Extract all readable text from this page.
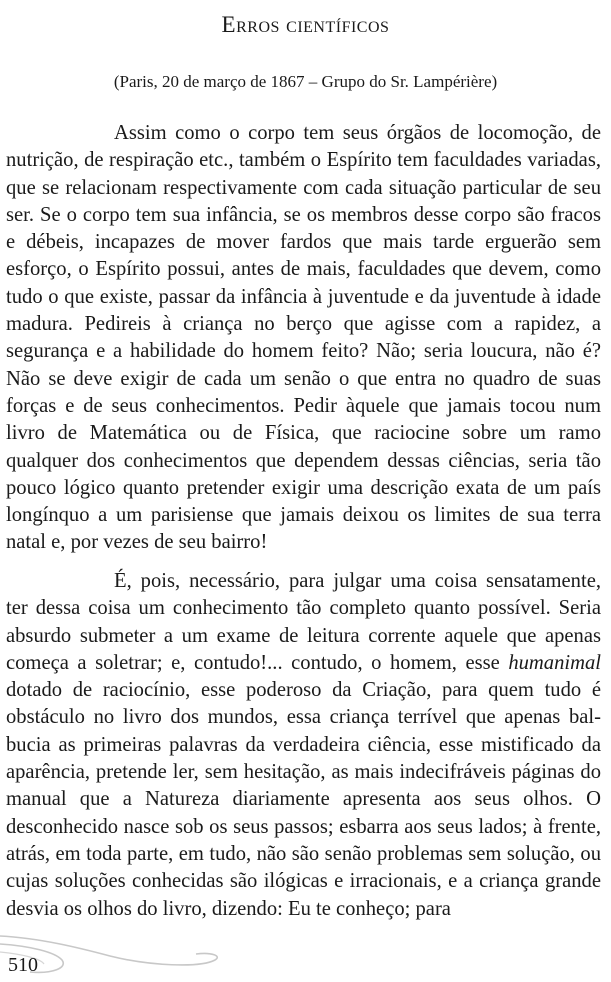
Erros científicos

(Paris, 20 de março de 1867 – Grupo do Sr. Lampérière)

Assim como o corpo tem seus órgãos de locomoção, de nutrição, de respiração etc., também o Espírito tem faculdades variadas, que se relacionam respectivamente com cada situação particular de seu ser. Se o corpo tem sua infância, se os membros desse corpo são fracos e débeis, incapazes de mover fardos que mais tarde erguerão sem esforço, o Espírito possui, antes de mais, faculdades que devem, como tudo o que existe, passar da infância à juventude e da juventude à idade madura. Pedireis à criança no berço que agisse com a rapidez, a segurança e a habilidade do homem feito? Não; seria loucura, não é? Não se deve exigir de cada um senão o que entra no quadro de suas forças e de seus conhecimentos. Pedir àquele que jamais tocou num livro de Matemática ou de Física, que raciocine sobre um ramo qualquer dos conhecimentos que dependem dessas ciências, seria tão pouco lógico quanto pretender exigir uma descrição exata de um país longínquo a um parisiense que jamais deixou os limites de sua terra natal e, por vezes de seu bairro!

É, pois, necessário, para julgar uma coisa sensatamente, ter dessa coisa um conhecimento tão completo quanto possível. Seria absurdo submeter a um exame de leitura corrente aquele que apenas começa a soletrar; e, contudo!... contudo, o homem, esse humanimal dotado de raciocínio, esse poderoso da Criação, para quem tudo é obstáculo no livro dos mundos, essa criança terrível que apenas balbucia as primeiras palavras da verdadeira ciência, esse mistificado da aparência, pretende ler, sem hesitação, as mais indecifráveis páginas do manual que a Natureza diariamente apresenta aos seus olhos. O desconhecido nasce sob os seus passos; esbarra aos seus lados; à frente, atrás, em toda parte, em tudo, não são senão problemas sem solução, ou cujas soluções conhecidas são ilógicas e irracionais, e a criança grande desvia os olhos do livro, dizendo: Eu te conheço; para

510
